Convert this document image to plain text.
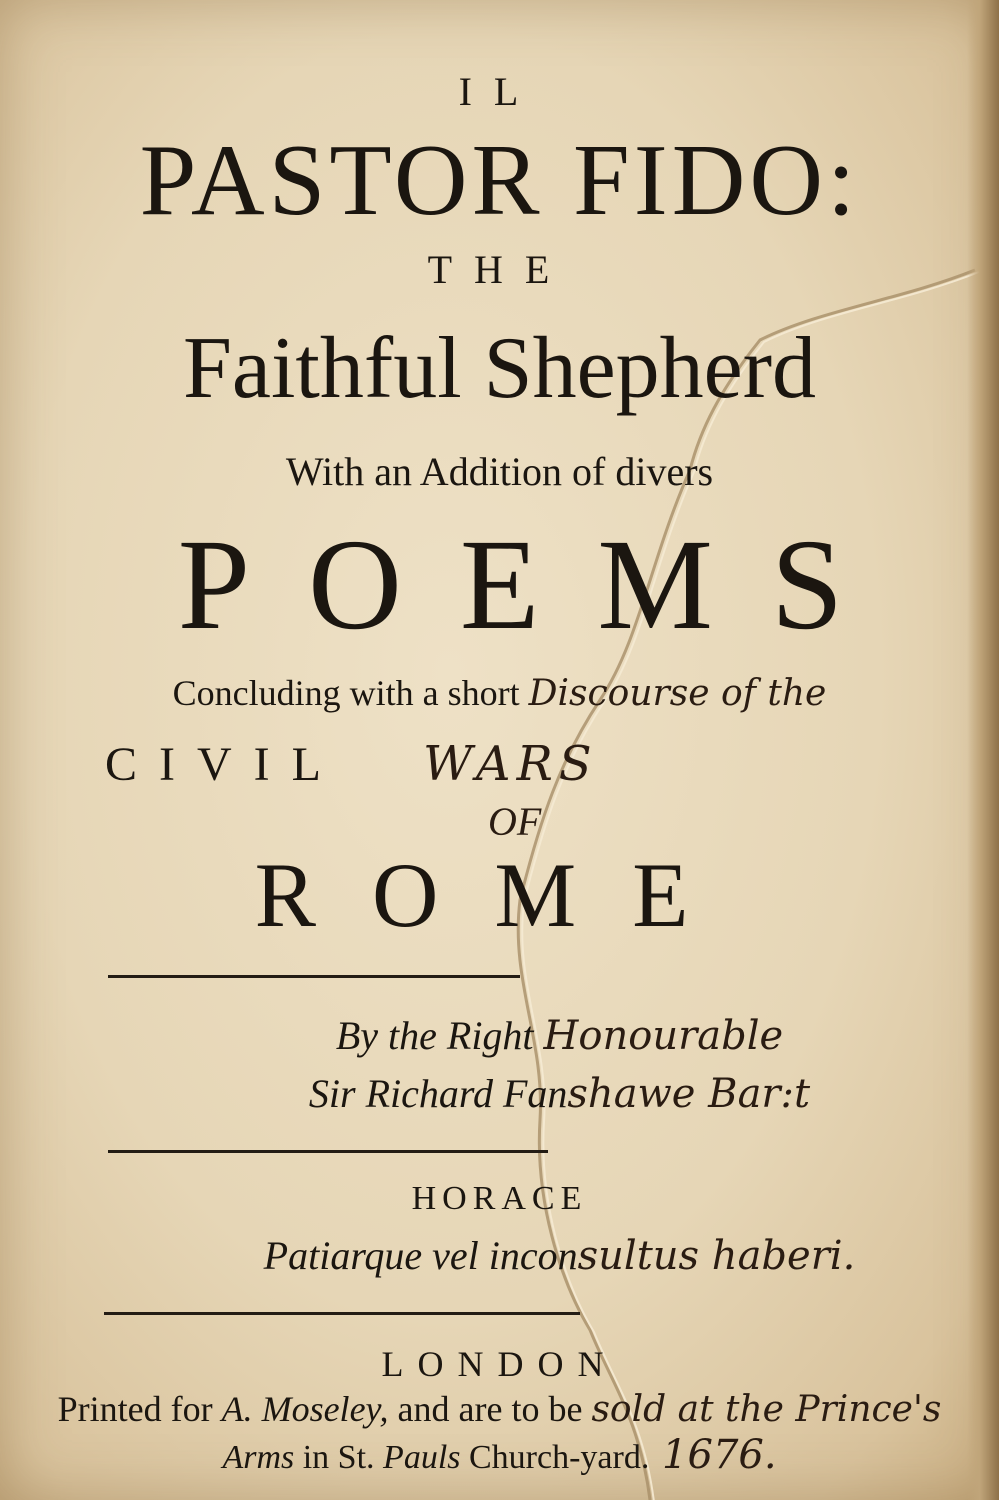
IL
PASTOR FIDO:
THE
Faithful Shepherd
With an Addition of divers
POEMS
Concluding with a short Discourse of the
CIVIL WARS
OF
ROME
By the Right Honourable
Sir Richard Fanshawe Bar:t
HORACE
Patiarque vel inconsultus haberi.
LONDON
Printed for A. Moseley, and are to be sold at the Prince's
Arms in St. Pauls Church-yard. 1676.
